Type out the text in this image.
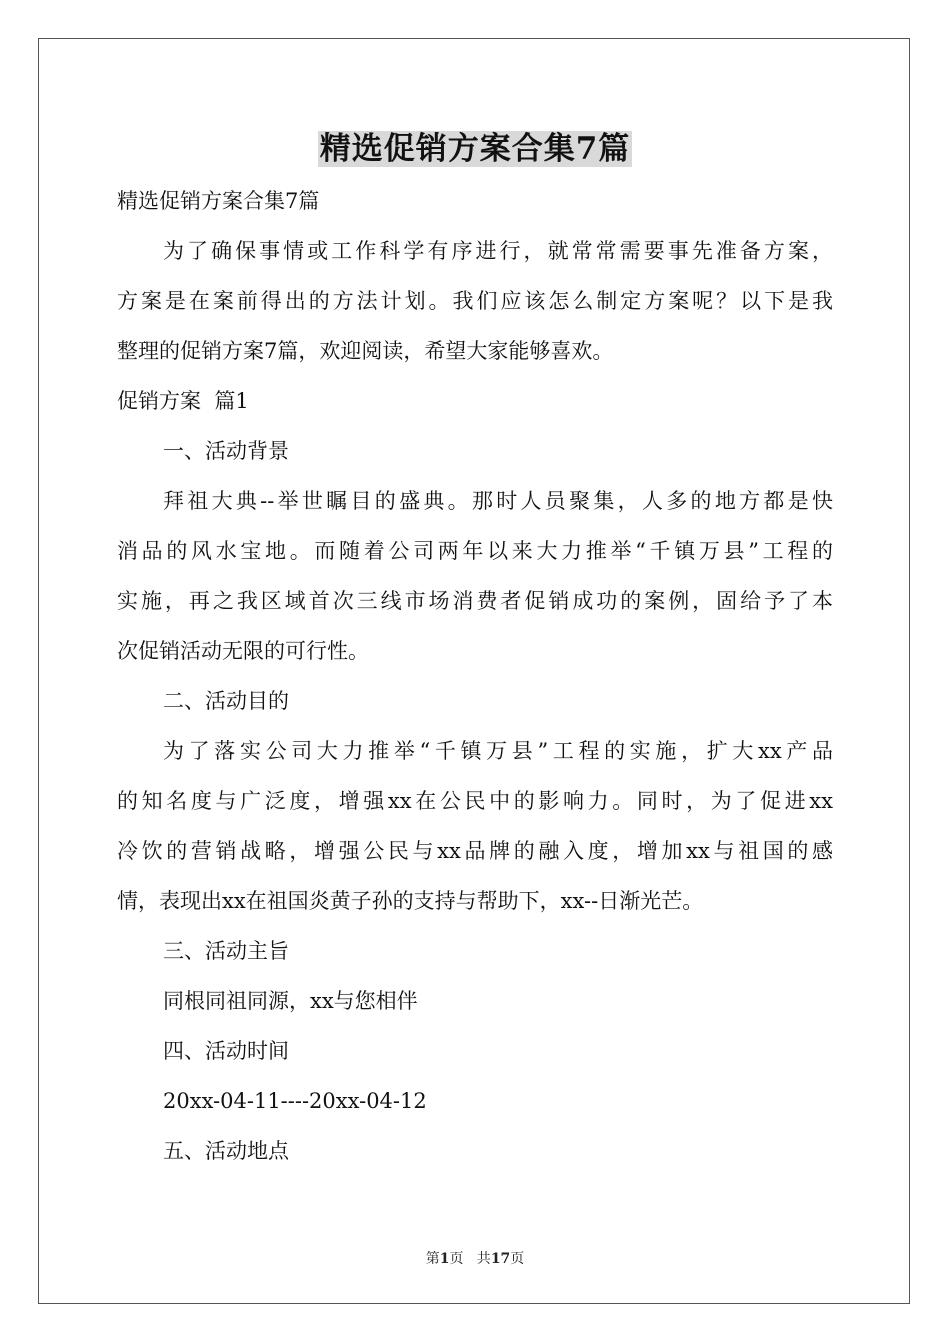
精选促销方案合集7篇
精选促销方案合集7篇
为了确保事情或工作科学有序进行，就常常需要事先准备方案，
方案是在案前得出的方法计划。我们应该怎么制定方案呢？以下是我
整理的促销方案7篇，欢迎阅读，希望大家能够喜欢。
促销方案  篇1
一、活动背景
拜祖大典--举世瞩目的盛典。那时人员聚集，人多的地方都是快
消品的风水宝地。而随着公司两年以来大力推举“千镇万县”工程的
实施，再之我区域首次三线市场消费者促销成功的案例，固给予了本
次促销活动无限的可行性。
二、活动目的
为了落实公司大力推举“千镇万县”工程的实施，扩大xx产品
的知名度与广泛度，增强xx在公民中的影响力。同时，为了促进xx
冷饮的营销战略，增强公民与xx品牌的融入度，增加xx与祖国的感
情，表现出xx在祖国炎黄子孙的支持与帮助下，xx--日渐光芒。
三、活动主旨
同根同祖同源，xx与您相伴
四、活动时间
20xx-04-11----20xx-04-12
五、活动地点
第1页   共17页
